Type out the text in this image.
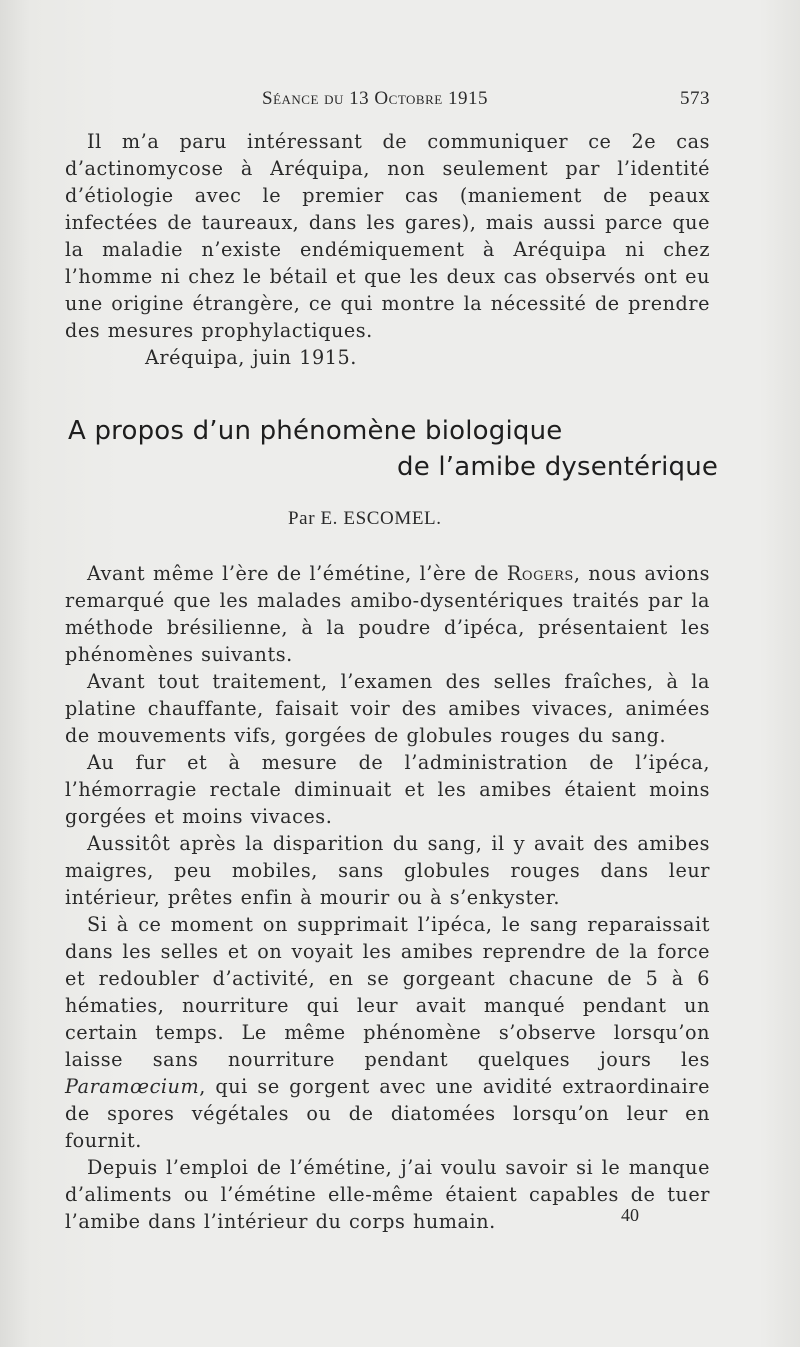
Séance du 13 Octobre 1915	573

Il m’a paru intéressant de communiquer ce 2e cas d’actinomycose à Aréquipa, non seulement par l’identité d’étiologie avec le premier cas (maniement de peaux infectées de taureaux, dans les gares), mais aussi parce que la maladie n’existe endémiquement à Aréquipa ni chez l’homme ni chez le bétail et que les deux cas observés ont eu une origine étrangère, ce qui montre la nécessité de prendre des mesures prophylactiques.

Aréquipa, juin 1915.

A propos d’un phénomène biologique
de l’amibe dysentérique
Par E. ESCOMEL.

Avant même l’ère de l’émétine, l’ère de Rogers, nous avions remarqué que les malades amibo-dysentériques traités par la méthode brésilienne, à la poudre d’ipéca, présentaient les phénomènes suivants.

Avant tout traitement, l’examen des selles fraîches, à la platine chauffante, faisait voir des amibes vivaces, animées de mouvements vifs, gorgées de globules rouges du sang.

Au fur et à mesure de l’administration de l’ipéca, l’hémorragie rectale diminuait et les amibes étaient moins gorgées et moins vivaces.

Aussitôt après la disparition du sang, il y avait des amibes maigres, peu mobiles, sans globules rouges dans leur intérieur, prêtes enfin à mourir ou à s’enkyster.

Si à ce moment on supprimait l’ipéca, le sang reparaissait dans les selles et on voyait les amibes reprendre de la force et redoubler d’activité, en se gorgeant chacune de 5 à 6 hématies, nourriture qui leur avait manqué pendant un certain temps. Le même phénomène s’observe lorsqu’on laisse sans nourriture pendant quelques jours les Paramœcium, qui se gorgent avec une avidité extraordinaire de spores végétales ou de diatomées lorsqu’on leur en fournit.

Depuis l’emploi de l’émétine, j’ai voulu savoir si le manque d’aliments ou l’émétine elle-même étaient capables de tuer l’amibe dans l’intérieur du corps humain.	40
